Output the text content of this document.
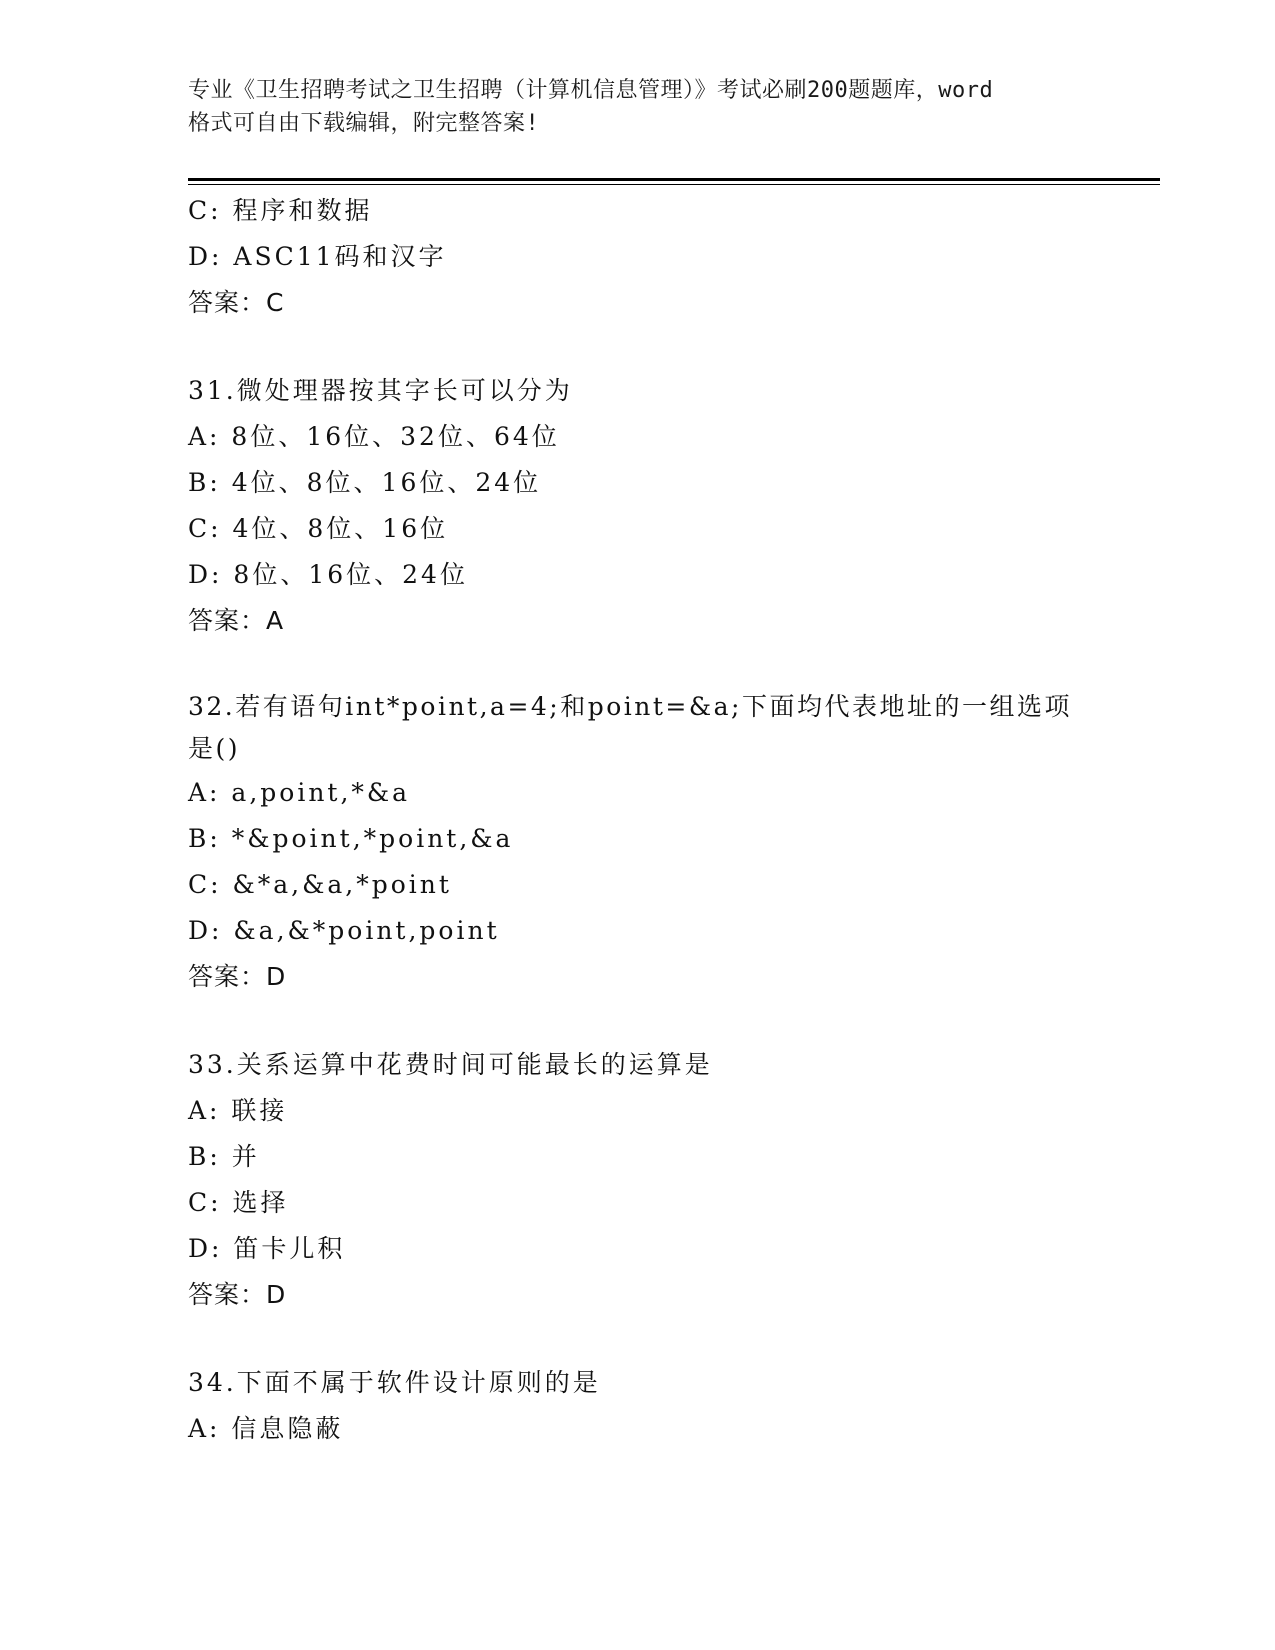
专业《卫生招聘考试之卫生招聘（计算机信息管理）》考试必刷200题题库，word
格式可自由下载编辑，附完整答案!
C: 程序和数据
D: ASC11码和汉字
答案：C
31.微处理器按其字长可以分为
A: 8位、16位、32位、64位
B: 4位、8位、16位、24位
C: 4位、8位、16位
D: 8位、16位、24位
答案：A
32.若有语句int*point,a=4;和point=&a;下面均代表地址的一组选项是()
A: a,point,*&a
B: *&point,*point,&a
C: &*a,&a,*point
D: &a,&*point,point
答案：D
33.关系运算中花费时间可能最长的运算是
A: 联接
B: 并
C: 选择
D: 笛卡儿积
答案：D
34.下面不属于软件设计原则的是
A: 信息隐蔽
